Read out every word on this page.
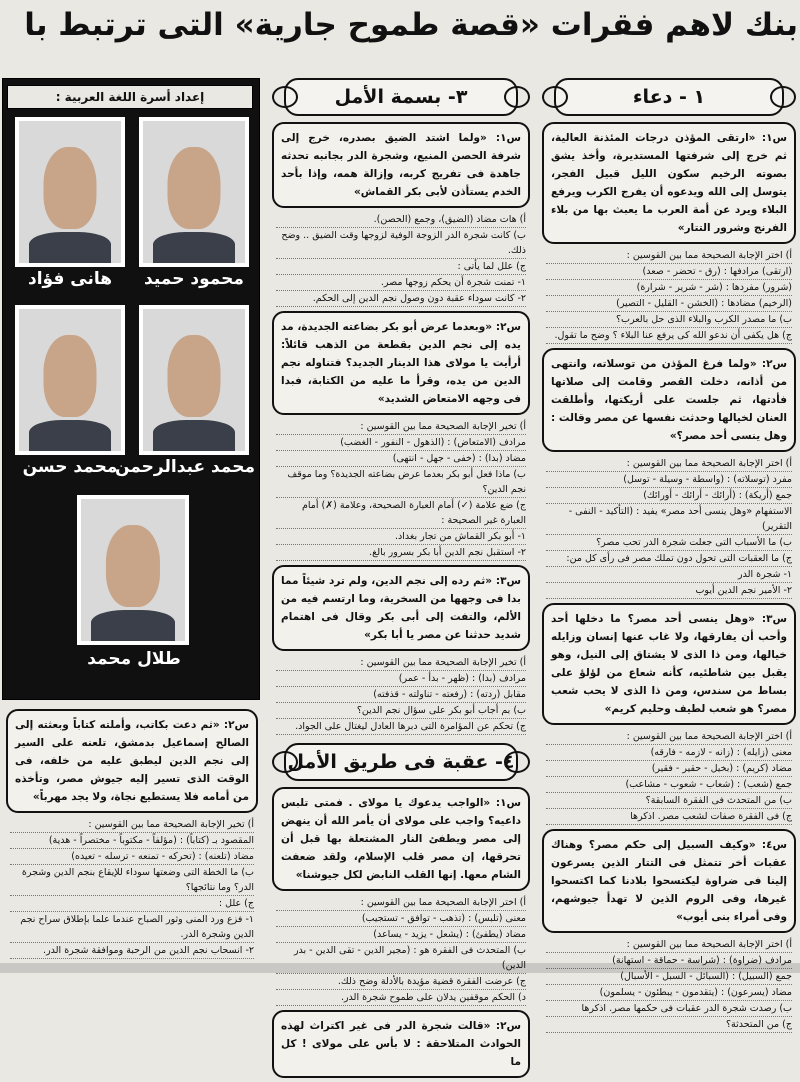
بنك لاهم فقرات «قصة طموح جارية» التى ترتبط با
١ - دعاء
س١: «ارتقى المؤذن درجات المئذنة العالية، ثم خرج إلى شرفتها المستديرة، وأخذ يشق بصوته الرخيم سكون الليل قبيل الفجر، يتوسل إلى الله ويدعوه أن يفرج الكرب ويرفع البلاء ويرد عن أمة العرب ما يعبث بها من بلاء الفرنج وشرور التتار»
أ) اختر الإجابة الصحيحة مما بين القوسين :
(ارتقى) مرادفها : (رق - تحضر - صعد)
(شرور) مفردها : (شر - شرير - شرارة)
(الرخيم) مضادها : (الخشن - القليل - التصير)
ب) ما مصدر الكرب والبلاء الذى حل بالعرب؟
ج) هل يكفى أن ندعو الله كى يرفع عنا البلاء ؟ وضح ما تقول.
س٢: «ولما فرغ المؤذن من توسلاته، وانتهى من أذانه، دخلت القصر وقامت إلى صلاتها فأدتها، ثم جلست على أريكتها، وأطلقت العنان لخيالها وحدثت نفسها عن مصر وقالت : وهل ينسى أحد مصر؟»
أ) اختر الإجابة الصحيحة مما بين القوسين :
مفرد (توسلاته) : (واسطة - وسيلة - توسل)
جمع (أريكة) : (أرائك - أرائك - أورائك)
الاستفهام «وهل ينسى أحد مصر» يفيد : (التأكيد - النفى - التقرير)
ب) ما الأسباب التى جعلت شجرة الدر تحب مصر؟
ج) ما العقبات التى تحول دون تملك مصر فى رأى كل من:
١- شجرة الدر
٢- الأمير نجم الدين أيوب
س٣: «وهل ينسى أحد مصر؟ ما دخلها أحد وأحب أن يفارقها، ولا غاب عنها إنسان وزايله خيالها، ومن ذا الذى لا يشتاق إلى النيل، وهو يقبل بين شاطئيه، كأنه شعاع من لؤلؤ على بساط من سندس، ومن ذا الذى لا يحب شعب مصر؟ هو شعب لطيف وحليم كريم»
أ) اختر الإجابة الصحيحة مما بين القوسين :
معنى (زايله) : (زانه - لازمه - فارقه)
مضاد (كريم) : (بخيل - حقير - فقير)
جمع (شعب) : (شعاب - شعوب - مشاعب)
ب) من المتحدث فى الفقرة السابقة؟
ج) فى الفقرة صفات لشعب مصر. اذكرها
س٤: «وكيف السبيل إلى حكم مصر؟ وهناك عقبات أخر تتمثل فى التتار الذين يسرعون إلينا فى ضراوة ليكتسحوا بلادنا كما اكتسحوا غيرها، وفى الروم الذين لا تهدأ جيوشهم، وفى أمراء بنى أيوب»
أ) اختر الإجابة الصحيحة مما بين القوسين :
مرادف (ضراوة) : (شراسة - حماقة - استهانة)
جمع (السبيل) : (السبائل - السبل - الأسبال)
مضاد (يسرعون) : (يتقدمون - يبطئون - يسلمون)
ب) رصدت شجرة الدر عقبات فى حكمها مصر. اذكرها
ج) من المتحدثة؟
٣- بسمة الأمل
س١: «ولما اشتد الضيق بصدره، خرج إلى شرفة الحصن المنيع، وشجرة الدر بجانبه تحدثه جاهدة فى تفريج كربه، وإزالة همه، وإذا بأحد الخدم يستأذن لأبى بكر القماش»
أ) هات مضاد (الضيق)، وجمع (الحصن).
ب) كانت شجرة الدر الزوجة الوفية لزوجها وقت الضيق .. وضح ذلك.
ج) علل لما يأتى :
١- تمنت شجرة أن يحكم زوجها مصر.
٢- كانت سوداء عقبة دون وصول نجم الدين إلى الحكم.
س٢: «وبعدما عرض أبو بكر بضاعته الجديدة، مد يده إلى نجم الدين بقطعة من الذهب قائلاً: أرأيت يا مولاى هذا الدينار الجديد؟ فتناوله نجم الدين من يده، وقرأ ما عليه من الكتابة، فبدا فى وجهه الامتعاض الشديد»
أ) تخير الإجابة الصحيحة مما بين القوسين :
مرادف (الامتعاض) : (الذهول - النفور - الغضب)
مضاد (بدا) : (خفى - جهل - انتهى)
ب) ماذا فعل أبو بكر بعدما عرض بضاعته الجديدة؟ وما موقف نجم الدين؟
ج) ضع علامة (✓) أمام العبارة الصحيحة، وعلامة (✗) أمام العبارة غير الصحيحة :
١- أبو بكر القماش من تجار بغداد.
٢- استقبل نجم الدين أبا بكر بسرور بالغ.
س٣: «ثم رده إلى نجم الدين، ولم ترد شيئاً مما بدا فى وجهها من السخرية، وما ارتسم فيه من الألم، والتفت إلى أبى بكر وقال فى اهتمام شديد حدثنا عن مصر يا أبا بكر»
أ) تخير الإجابة الصحيحة مما بين القوسين :
مرادف (بدا) : (ظهر - بدأ - عمر)
مقابل (ردته) : (رفعته - تناولته - قذفته)
ب) بم أجاب أبو بكر على سؤال نجم الدين؟
ج) تحكم عن المؤامرة التى دبرها العادل ليغتال على الجواد.
٤- عقبة فى طريق الأمل
س١: «الواجب يدعوك يا مولاى . فمتى تلبس داعيه؟ واجب على مولاى أن يأمر الله أن ينهض إلى مصر ويطفئ النار المشتعلة بها قبل أن تحرقها، إن مصر قلب الإسلام، ولقد ضعفت الشام معها. إنها القلب النابض لكل جيوشنا»
أ) اختر الإجابة الصحيحة مما بين القوسين :
معنى (تلبس) : (تذهب - توافق - تستجيب)
مضاد (يطفئ) : (يشعل - يزيد - يساعد)
ب) المتحدث فى الفقرة هو : (مجير الدين - تقى الدين - بدر الدين)
ج) عرضت الفقرة قضية مؤيدة بالأدلة وضح ذلك.
د) الحكم موقفين يدلان على طموح شجرة الدر.
س٢: «قالت شجرة الدر فى غير اكتراث لهذه الحوادث المتلاحقة : لا بأس على مولاى ! كل ما
إعداد أسرة اللغة العربية :
محمود حميد
هانى فؤاد
محمد عبدالرحمن
محمد حسن
طلال محمد
س٢: «ثم دعت بكاتب، وأملته كتاباً وبعثته إلى الصالح إسماعيل بدمشق، تلعنه على السير إلى نجم الدين ليطبق عليه من خلفه، فى الوقت الذى تسير إليه جيوش مصر، وتأخذه من أمامه فلا يستطيع نجاة، ولا يجد مهرباً»
أ) تخير الإجابة الصحيحة مما بين القوسين :
المقصود بـ (كتاباً) : (مؤلفاً - مكتوباً - مختصراً - هدية)
مضاد (تلعنه) : (تحركه - تمنعه - ترسله - تعيده)
ب) ما الخطة التى وضعتها سوداء للإيقاع بنجم الدين وشجرة الدر؟ وما نتائجها؟
ج) علل :
١- فزع ورد المنى وثور الصباح عندما علما بإطلاق سراح نجم الدين وشجرة الدر.
٢- انسحاب نجم الدين من الرحبة وموافقة شجرة الدر.
